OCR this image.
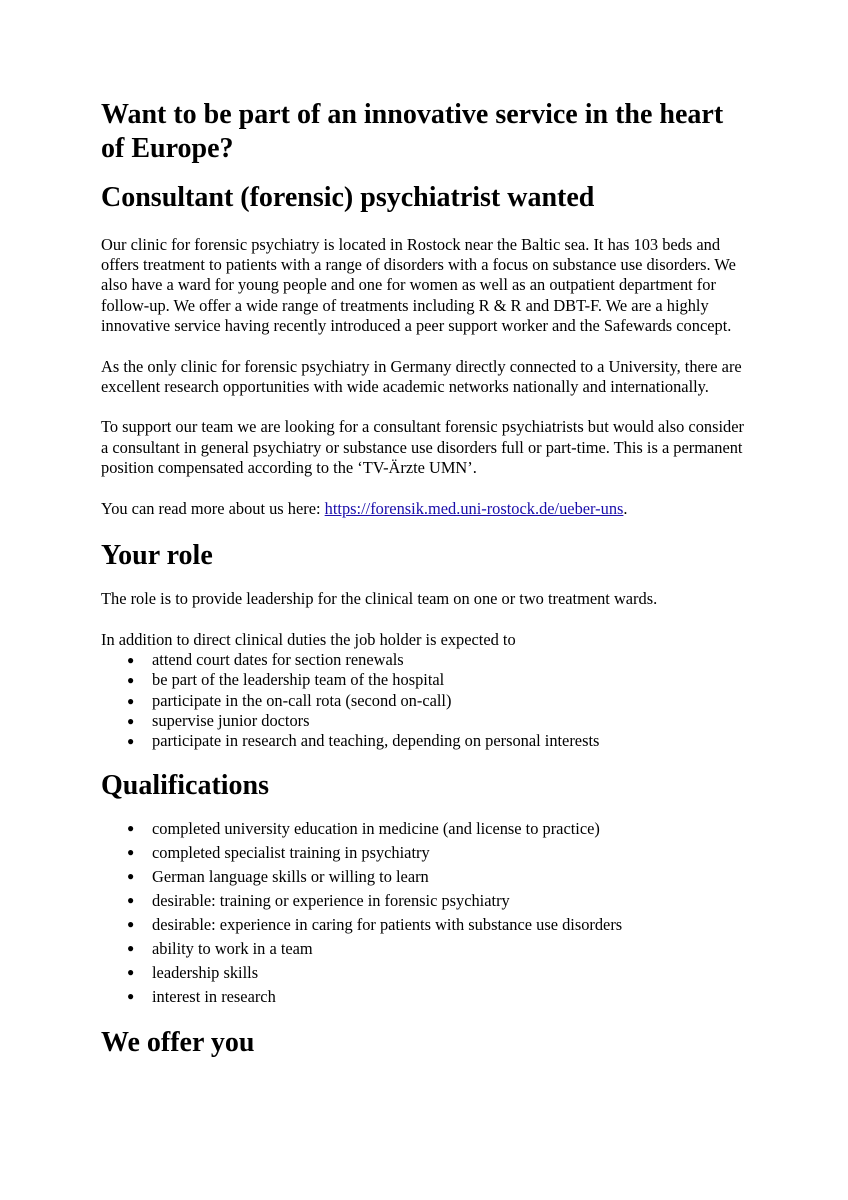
Want to be part of an innovative service in the heart of Europe?
Consultant (forensic) psychiatrist wanted

Our clinic for forensic psychiatry is located in Rostock near the Baltic sea. It has 103 beds and offers treatment to patients with a range of disorders with a focus on substance use disorders. We also have a ward for young people and one for women as well as an outpatient department for follow-up. We offer a wide range of treatments including R & R and DBT-F. We are a highly innovative service having recently introduced a peer support worker and the Safewards concept.

As the only clinic for forensic psychiatry in Germany directly connected to a University, there are excellent research opportunities with wide academic networks nationally and internationally.

To support our team we are looking for a consultant forensic psychiatrists but would also consider a consultant in general psychiatry or substance use disorders full or part-time. This is a permanent position compensated according to the ‘TV-Ärzte UMN’.

You can read more about us here: https://forensik.med.uni-rostock.de/ueber-uns.

Your role

The role is to provide leadership for the clinical team on one or two treatment wards.

In addition to direct clinical duties the job holder is expected to

● attend court dates for section renewals
● be part of the leadership team of the hospital
● participate in the on-call rota (second on-call)
● supervise junior doctors
● participate in research and teaching, depending on personal interests
Qualifications
● completed university education in medicine (and license to practice)
● completed specialist training in psychiatry
● German language skills or willing to learn
● desirable: training or experience in forensic psychiatry
● desirable: experience in caring for patients with substance use disorders
● ability to work in a team
● leadership skills
● interest in research
We offer you
